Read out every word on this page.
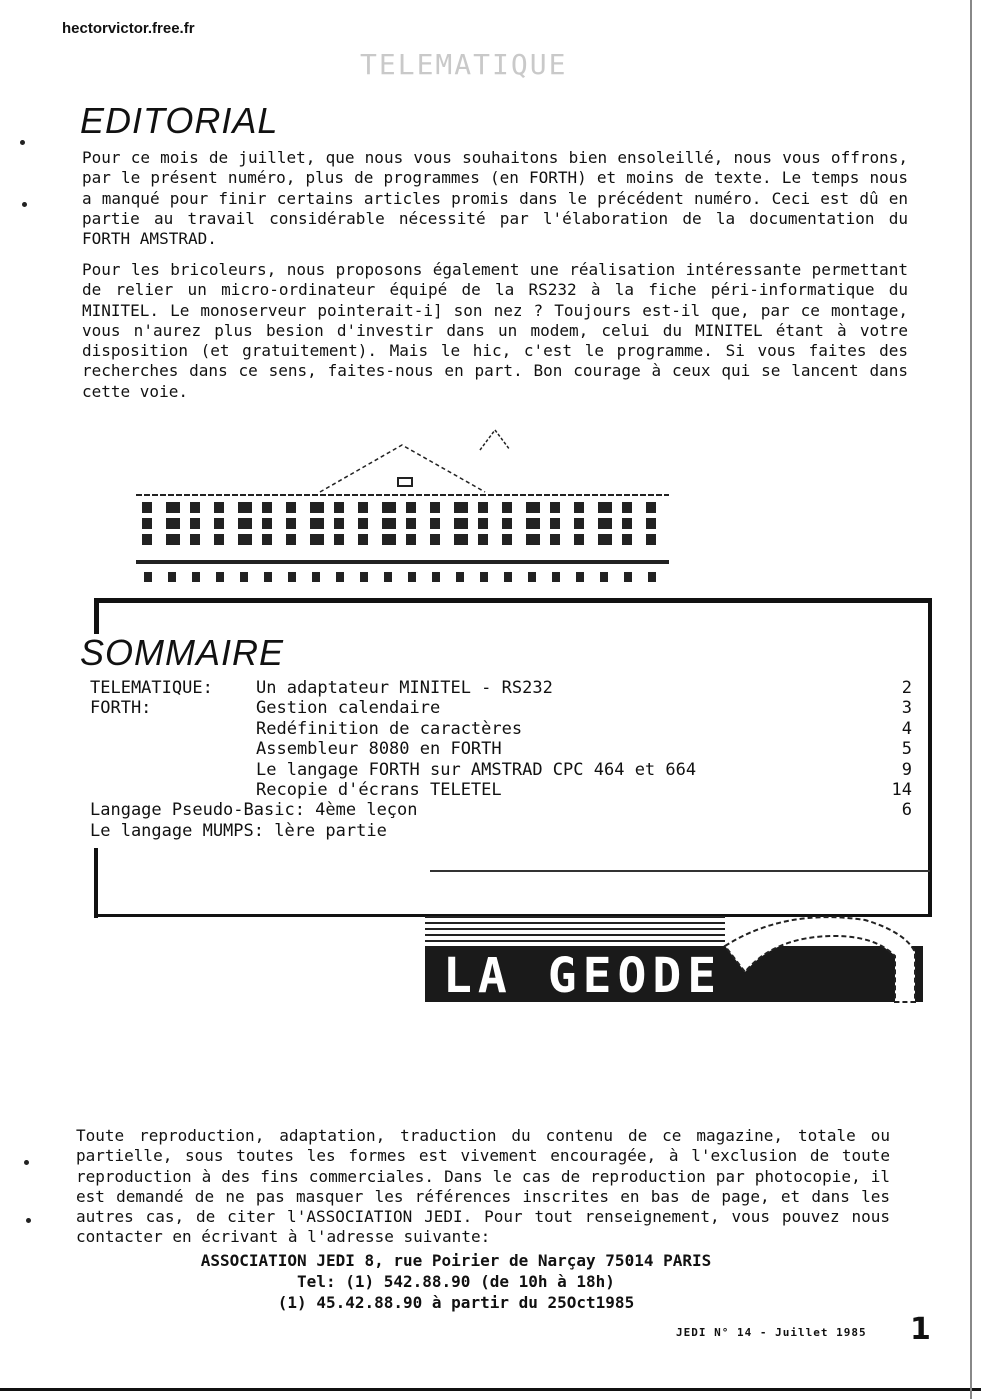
hectorvictor.free.fr
TELEMATIQUE
EDITORIAL
Pour ce mois de juillet, que nous vous souhaitons bien ensoleillé, nous vous offrons, par le présent numéro, plus de programmes (en FORTH) et moins de texte. Le temps nous a manqué pour finir certains articles promis dans le précédent numéro. Ceci est dû en partie au travail considérable nécessité par l'élaboration de la documentation du FORTH AMSTRAD.
Pour les bricoleurs, nous proposons également une réalisation intéressante permettant de relier un micro-ordinateur équipé de la RS232 à la fiche péri-informatique du MINITEL. Le monoserveur pointerait-i] son nez ? Toujours est-il que, par ce montage, vous n'aurez plus besion d'investir dans un modem, celui du MINITEL étant à votre disposition (et gratuitement). Mais le hic, c'est le programme. Si vous faites des recherches dans ce sens, faites-nous en part. Bon courage à ceux qui se lancent dans cette voie.
SOMMAIRE
TELEMATIQUE:	Un adaptateur MINITEL - RS232	2
FORTH:	Gestion calendaire	3
Redéfinition de caractères	4
Assembleur 8080 en FORTH	5
Le langage FORTH sur AMSTRAD CPC 464 et 664	9
Recopie d'écrans TELETEL	14
Langage Pseudo-Basic: 4ème leçon	6
Le langage MUMPS: lère partie
LA GEODE
Toute reproduction, adaptation, traduction du contenu de ce magazine, totale ou partielle, sous toutes les formes est vivement encouragée, à l'exclusion de toute reproduction à des fins commerciales. Dans le cas de reproduction par photocopie, il est demandé de ne pas masquer les références inscrites en bas de page, et dans les autres cas, de citer l'ASSOCIATION JEDI. Pour tout renseignement, vous pouvez nous contacter en écrivant à l'adresse suivante:
ASSOCIATION JEDI 8, rue Poirier de Narçay 75014 PARIS
Tel: (1) 542.88.90 (de 10h à 18h)
(1) 45.42.88.90 à partir du 25Oct1985
JEDI N° 14 - Juillet 1985 1
